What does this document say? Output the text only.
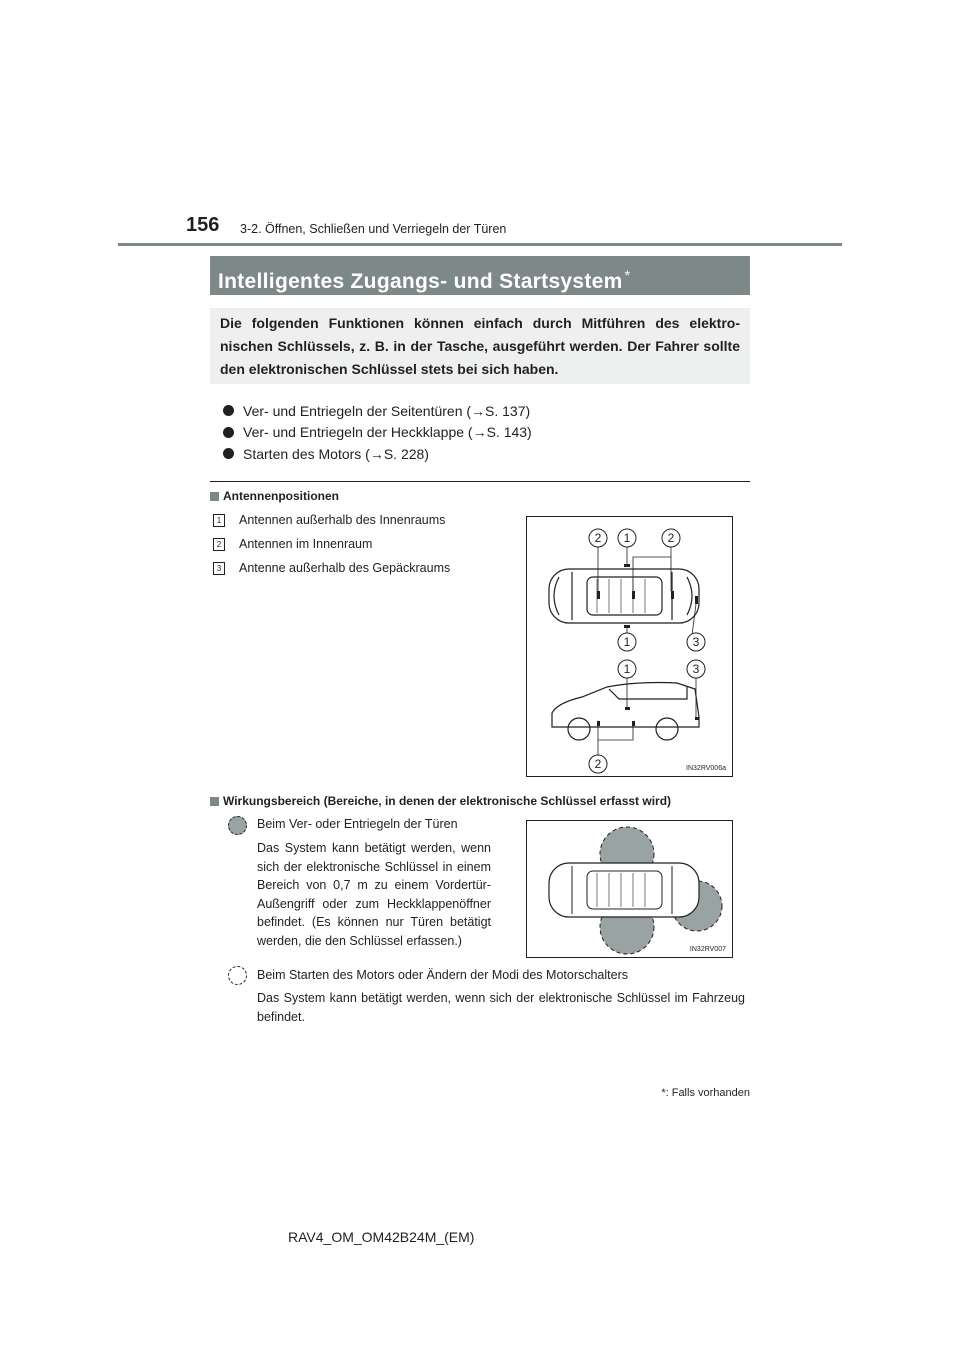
156 3-2. Öffnen, Schließen und Verriegeln der Türen
Intelligentes Zugangs- und Startsystem *
Die folgenden Funktionen können einfach durch Mitführen des elektro- nischen Schlüssels, z. B. in der Tasche, ausgeführt werden. Der Fahrer sollte den elektronischen Schlüssel stets bei sich haben.
Ver- und Entriegeln der Seitentüren (→S. 137)
Ver- und Entriegeln der Heckklappe (→S. 143)
Starten des Motors (→S. 228)
Antennenpositionen
1	Antennen außerhalb des Innenraums
2	Antennen im Innenraum
3	Antenne außerhalb des Gepäckraums
2 1	2
1	3
1	3
2	IN32RV006a
Wirkungsbereich (Bereiche, in denen der elektronische Schlüssel erfasst wird)
Beim Ver- oder Entriegeln der Türen
Das System kann betätigt werden, wenn sich der elektronische Schlüssel in einem Bereich von 0,7 m zu einem Vordertür-Außengriff oder zum Heckklappenöffner befindet. (Es können nur Türen betätigt werden, die den Schlüssel erfassen.)
IN32RV007
Beim Starten des Motors oder Ändern der Modi des Motorschalters
Das System kann betätigt werden, wenn sich der elektronische Schlüssel im Fahrzeug befindet.
*: Falls vorhanden
RAV4_OM_OM42B24M_(EM)
